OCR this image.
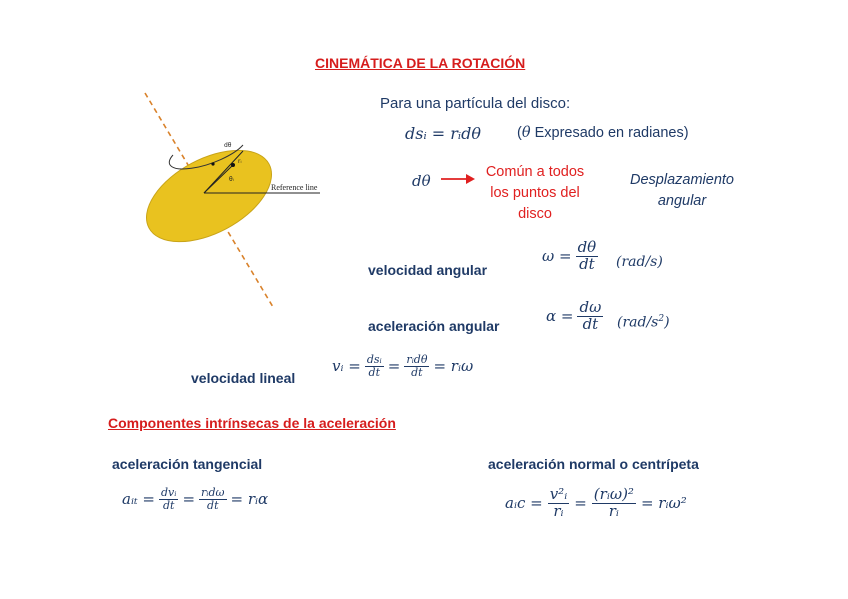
CINEMÁTICA DE LA ROTACIÓN
dθ
rᵢ
θᵢ
Reference line
Para una partícula del disco:
dsᵢ = rᵢdθ (θ Expresado en radianes)
dθ	Común a todos
los puntos del
disco
Desplazamiento
angular
velocidad angular
$\omega = \frac{d\theta}{dt} (rad/s)$
aceleración angular
$\alpha = \frac{d\omega}{dt} (rad/s^2)$
velocidad lineal
vᵢ = $\frac{\text{dsᵢ}}{dt} = \frac{\text{rᵢdθ}}{dt}$ = rᵢω
Componentes intrínsecas de la aceleración
aceleración tangencial
aᵢₜ = $\frac{\text{dvᵢ}}{dt} = \frac{\text{rᵢdω}}{dt}$ = rᵢα
aceleración normal o centrípeta
aᵢc = $\frac{\text{v²ᵢ}}{\text{rᵢ}} = \frac{\text{(rᵢω)²}}{\text{rᵢ}}$ = rᵢω²
